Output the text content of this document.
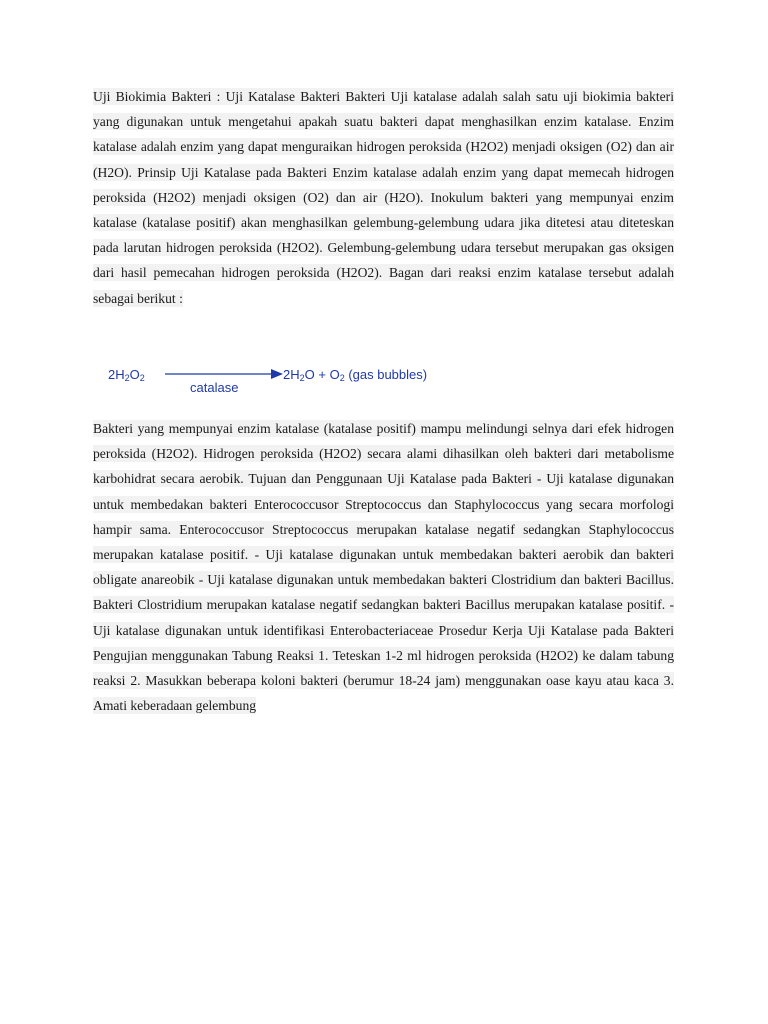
Uji Biokimia Bakteri : Uji Katalase Bakteri Bakteri Uji katalase adalah salah satu uji biokimia bakteri yang digunakan untuk mengetahui apakah suatu bakteri dapat menghasilkan enzim katalase. Enzim katalase adalah enzim yang dapat menguraikan hidrogen peroksida (H2O2) menjadi oksigen (O2) dan air (H2O). Prinsip Uji Katalase pada Bakteri Enzim katalase adalah enzim yang dapat memecah hidrogen peroksida (H2O2) menjadi oksigen (O2) dan air (H2O). Inokulum bakteri yang mempunyai enzim katalase (katalase positif) akan menghasilkan gelembung-gelembung udara jika ditetesi atau diteteskan pada larutan hidrogen peroksida (H2O2). Gelembung-gelembung udara tersebut merupakan gas oksigen dari hasil pemecahan hidrogen peroksida (H2O2). Bagan dari reaksi enzim katalase tersebut adalah sebagai berikut :

$2H_2O_2$	$2H_2O + O_2$ (gas bubbles)
catalase

Bakteri yang mempunyai enzim katalase (katalase positif) mampu melindungi selnya dari efek hidrogen peroksida (H2O2). Hidrogen peroksida (H2O2) secara alami dihasilkan oleh bakteri dari metabolisme karbohidrat secara aerobik. Tujuan dan Penggunaan Uji Katalase pada Bakteri - Uji katalase digunakan untuk membedakan bakteri Enterococcusor Streptococcus dan Staphylococcus yang secara morfologi hampir sama. Enterococcusor Streptococcus merupakan katalase negatif sedangkan Staphylococcus merupakan katalase positif. - Uji katalase digunakan untuk membedakan bakteri aerobik dan bakteri obligate anareobik - Uji katalase digunakan untuk membedakan bakteri Clostridium dan bakteri Bacillus. Bakteri Clostridium merupakan katalase negatif sedangkan bakteri Bacillus merupakan katalase positif. - Uji katalase digunakan untuk identifikasi Enterobacteriaceae Prosedur Kerja Uji Katalase pada Bakteri Pengujian menggunakan Tabung Reaksi 1. Teteskan 1-2 ml hidrogen peroksida (H2O2) ke dalam tabung reaksi 2. Masukkan beberapa koloni bakteri (berumur 18-24 jam) menggunakan oase kayu atau kaca 3. Amati keberadaan gelembung
